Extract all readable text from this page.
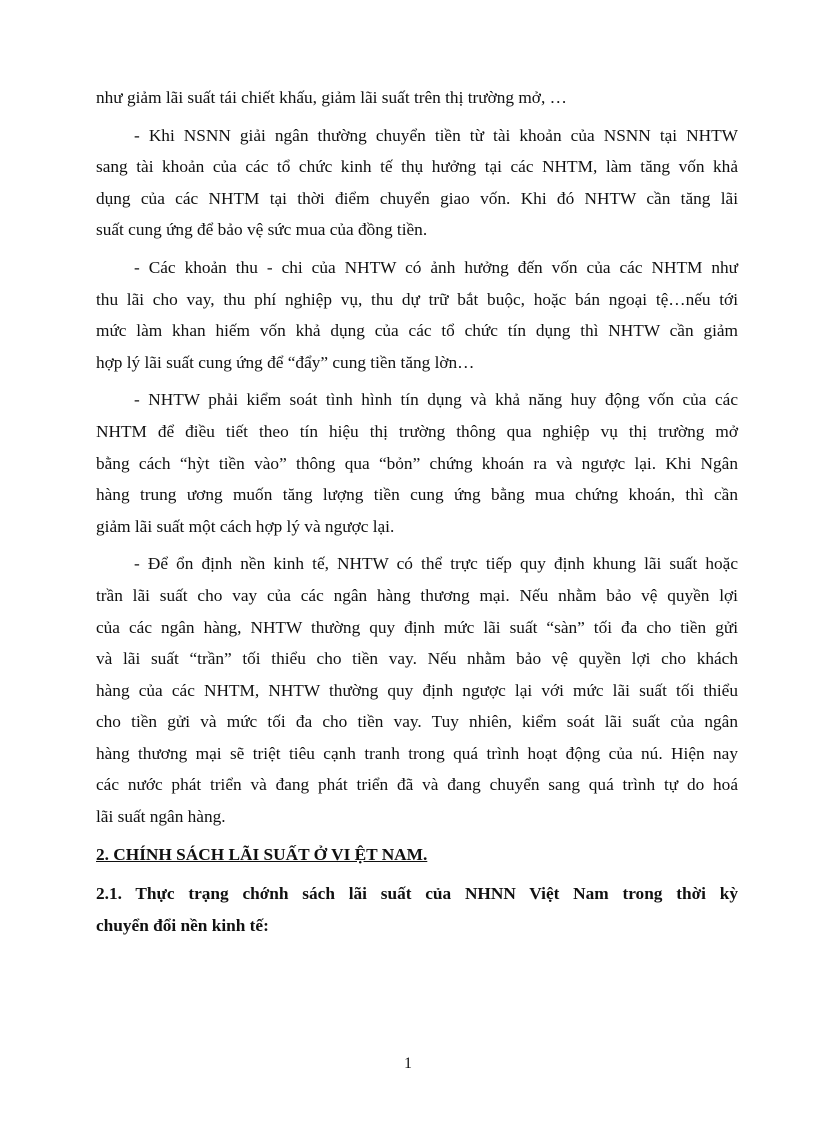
như giảm lãi suất tái chiết khấu, giảm lãi suất trên thị trường mở, …
- Khi NSNN giải ngân thường chuyển tiền từ tài khoản của NSNN tại NHTW
sang tài khoản của các tổ chức kinh tế thụ hưởng tại các NHTM, làm tăng vốn khả
dụng của các NHTM tại thời điểm chuyển giao vốn. Khi đó NHTW cần tăng lãi
suất cung ứng để bảo vệ sức mua của đồng tiền.
- Các khoản thu - chi của NHTW có ảnh hưởng đến vốn của các NHTM như
thu lãi cho vay, thu phí nghiệp vụ, thu dự trữ bắt buộc, hoặc bán ngoại tệ…nếu tới
mức làm khan hiếm vốn khả dụng của các tổ chức tín dụng thì NHTW cần giảm
hợp lý lãi suất cung ứng để “đẩy” cung tiền tăng lờn…
- NHTW phải kiểm soát tình hình tín dụng và khả năng huy động vốn của các
NHTM để điều tiết theo tín hiệu thị trường thông qua nghiệp vụ thị trường mở
bằng cách “hỳt tiền vào” thông qua “bỏn” chứng khoán ra và ngược lại. Khi Ngân
hàng trung ương muốn tăng lượng tiền cung ứng bằng mua chứng khoán, thì cần
giảm lãi suất một cách hợp lý và ngược lại.
- Để ổn định nền kinh tế, NHTW có thể trực tiếp quy định khung lãi suất hoặc
trần lãi suất cho vay của các ngân hàng thương mại. Nếu nhằm bảo vệ quyền lợi
của các ngân hàng, NHTW thường quy định mức lãi suất “sàn” tối đa cho tiền gửi
và lãi suất “trần” tối thiểu cho tiền vay. Nếu nhằm bảo vệ quyền lợi cho khách
hàng của các NHTM, NHTW thường quy định ngược lại với mức lãi suất tối thiểu
cho tiền gửi và mức tối đa cho tiền vay. Tuy nhiên, kiểm soát lãi suất của ngân
hàng thương mại sẽ triệt tiêu cạnh tranh trong quá trình hoạt động của nú. Hiện nay
các nước phát triển và đang phát triển đã và đang chuyển sang quá trình tự do hoá
lãi suất ngân hàng.
2. CHÍNH SÁCH LÃI SUẤT Ở VI ỆT NAM.
2.1. Thực trạng chớnh sách lãi suất của NHNN Việt Nam trong thời kỳ
chuyển đổi nền kinh tế:
1
